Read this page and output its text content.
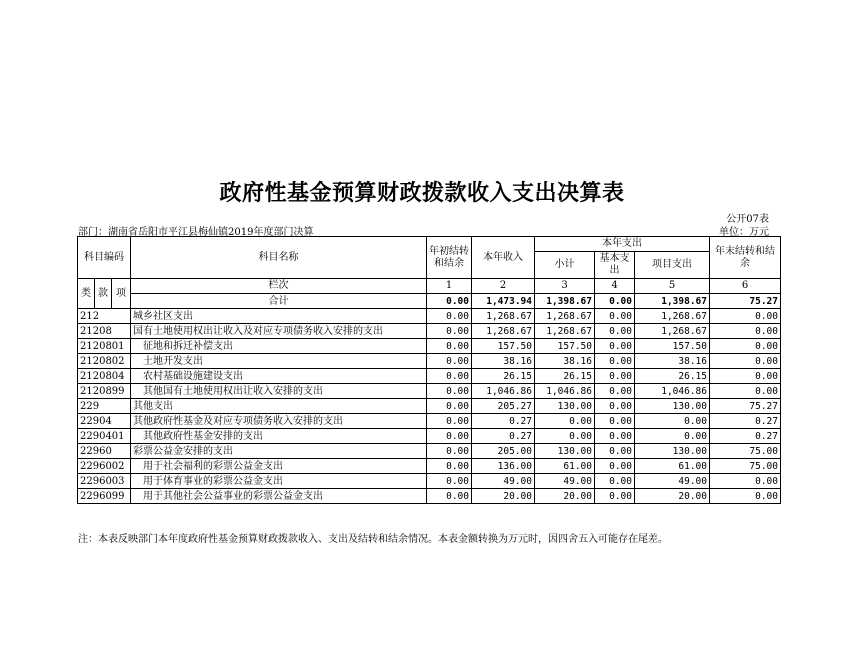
政府性基金预算财政拨款收入支出决算表
公开07表
部门：湖南省岳阳市平江县梅仙镇2019年度部门决算	单位：万元
科目编码			科目名称	年初结转和结余	本年收入	本年支出			年末结转和结余
						小计	基本支出	项目支出	
类	款	项	栏次	1	2	3	4	5	6
			合计	0.00	1,473.94	1,398.67	0.00	1,398.67	75.27
212			城乡社区支出	0.00	1,268.67	1,268.67	0.00	1,268.67	0.00
21208			国有土地使用权出让收入及对应专项债务收入安排的支出	0.00	1,268.67	1,268.67	0.00	1,268.67	0.00
2120801			征地和拆迁补偿支出	0.00	157.50	157.50	0.00	157.50	0.00
2120802			土地开发支出	0.00	38.16	38.16	0.00	38.16	0.00
2120804			农村基础设施建设支出	0.00	26.15	26.15	0.00	26.15	0.00
2120899			其他国有土地使用权出让收入安排的支出	0.00	1,046.86	1,046.86	0.00	1,046.86	0.00
229			其他支出	0.00	205.27	130.00	0.00	130.00	75.27
22904			其他政府性基金及对应专项债务收入安排的支出	0.00	0.27	0.00	0.00	0.00	0.27
2290401			其他政府性基金安排的支出	0.00	0.27	0.00	0.00	0.00	0.27
22960			彩票公益金安排的支出	0.00	205.00	130.00	0.00	130.00	75.00
2296002			用于社会福利的彩票公益金支出	0.00	136.00	61.00	0.00	61.00	75.00
2296003			用于体育事业的彩票公益金支出	0.00	49.00	49.00	0.00	49.00	0.00
2296099			用于其他社会公益事业的彩票公益金支出	0.00	20.00	20.00	0.00	20.00	0.00
注：本表反映部门本年度政府性基金预算财政拨款收入、支出及结转和结余情况。本表金额转换为万元时，因四舍五入可能存在尾差。
